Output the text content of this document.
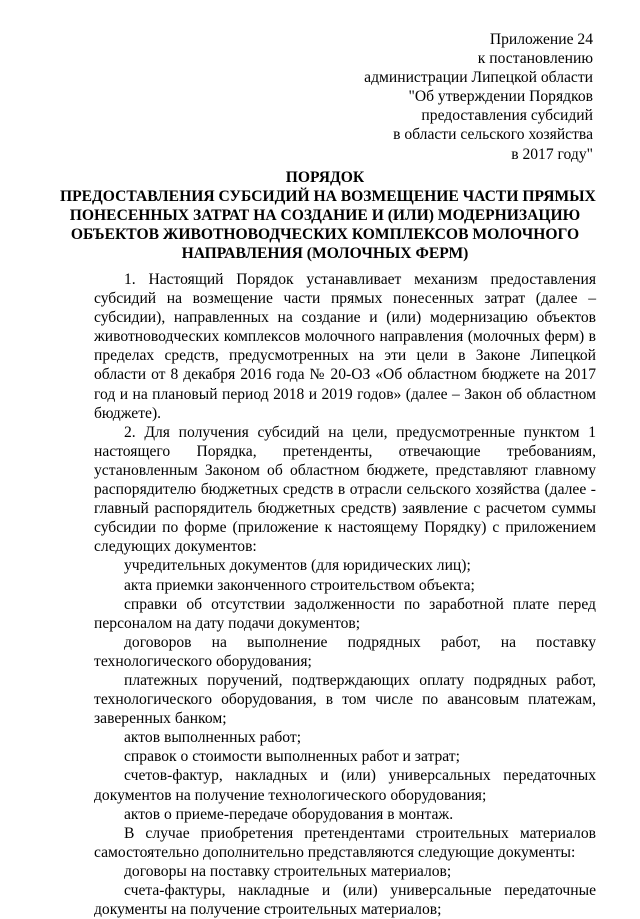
Приложение 24
к постановлению
администрации Липецкой области
"Об утверждении Порядков
предоставления субсидий
в области сельского хозяйства
в 2017 году"
ПОРЯДОК
ПРЕДОСТАВЛЕНИЯ СУБСИДИЙ НА ВОЗМЕЩЕНИЕ ЧАСТИ ПРЯМЫХ
ПОНЕСЕННЫХ ЗАТРАТ НА СОЗДАНИЕ И (ИЛИ) МОДЕРНИЗАЦИЮ
ОБЪЕКТОВ ЖИВОТНОВОДЧЕСКИХ КОМПЛЕКСОВ МОЛОЧНОГО
НАПРАВЛЕНИЯ (МОЛОЧНЫХ ФЕРМ)

1. Настоящий Порядок устанавливает механизм предоставления субсидий на возмещение части прямых понесенных затрат (далее – субсидии), направленных на создание и (или) модернизацию объектов животноводческих комплексов молочного направления (молочных ферм) в пределах средств, предусмотренных на эти цели в Законе Липецкой области от 8 декабря 2016 года № 20-ОЗ «Об областном бюджете на 2017 год и на плановый период 2018 и 2019 годов» (далее – Закон об областном бюджете).

2. Для получения субсидий на цели, предусмотренные пунктом 1 настоящего Порядка, претенденты, отвечающие требованиям, установленным Законом об областном бюджете, представляют главному распорядителю бюджетных средств в отрасли сельского хозяйства (далее - главный распорядитель бюджетных средств) заявление с расчетом суммы субсидии по форме (приложение к настоящему Порядку) с приложением следующих документов:

учредительных документов (для юридических лиц);

акта приемки законченного строительством объекта;

справки об отсутствии задолженности по заработной плате перед персоналом на дату подачи документов;

договоров на выполнение подрядных работ, на поставку технологического оборудования;

платежных поручений, подтверждающих оплату подрядных работ, технологического оборудования, в том числе по авансовым платежам, заверенных банком;

актов выполненных работ;

справок о стоимости выполненных работ и затрат;

счетов-фактур, накладных и (или) универсальных передаточных документов на получение технологического оборудования;

актов о приеме-передаче оборудования в монтаж.

В случае приобретения претендентами строительных материалов самостоятельно дополнительно представляются следующие документы:

договоры на поставку строительных материалов;

счета-фактуры, накладные и (или) универсальные передаточные документы на получение строительных материалов;
